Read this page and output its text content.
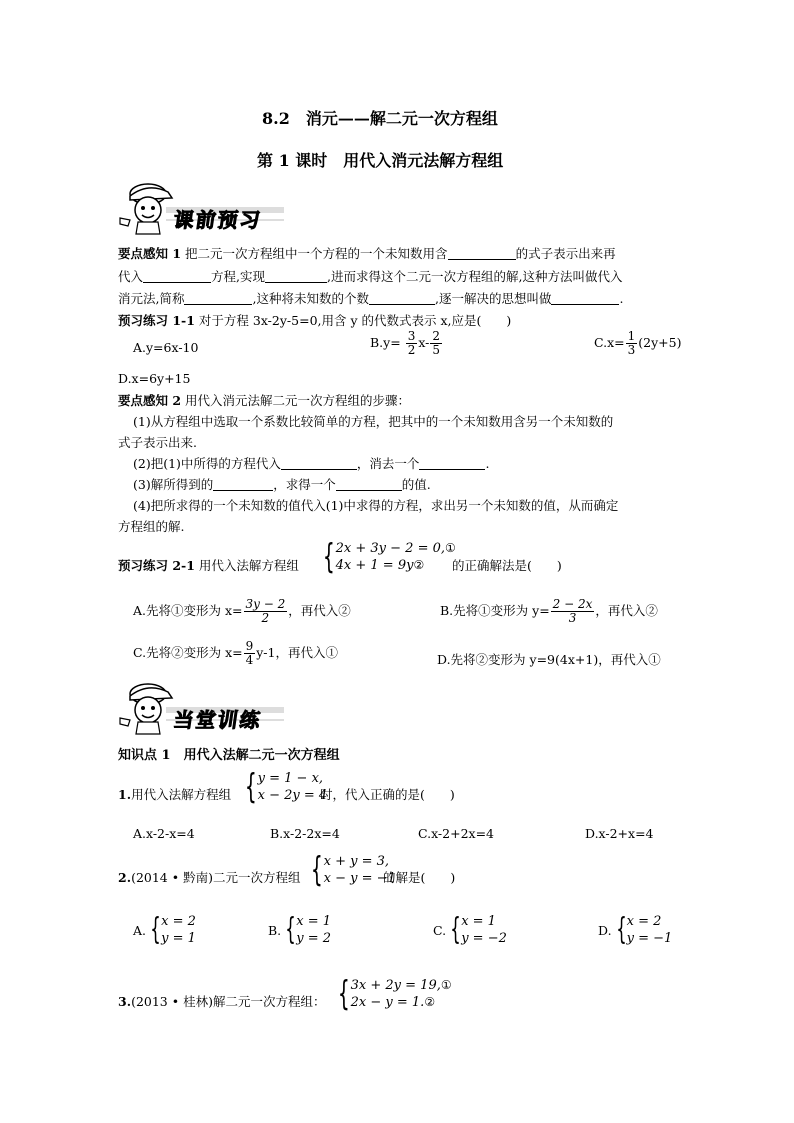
8.2　消元——解二元一次方程组
第 1 课时　用代入消元法解方程组
课前预习
要点感知 1 把二元一次方程组中一个方程的一个未知数用含	的式子表示出来再
代入	方程,实现	,进而求得这个二元一次方程组的解,这种方法叫做代入
消元法,简称	,这种将未知数的个数	,逐一解决的思想叫做	.
预习练习 1-1 对于方程 3x-2y-5=0,用含 y 的代数式表示 x,应是(　　)
A.y=6x-10	$B.y= \frac{3}{2} x- \frac{2}{5}$	$C.x= \frac{1}{3} (2y+5)$
D.x=6y+15
要点感知 2 用代入消元法解二元一次方程组的步骤：
(1)从方程组中选取一个系数比较简单的方程，把其中的一个未知数用含另一个未知数的
式子表示出来.
(2)把(1)中所得的方程代入	，消去一个	.
(3)解所得到的	，求得一个	的值.
(4)把所求得的一个未知数的值代入(1)中求得的方程，求出另一个未知数的值，从而确定
方程组的解.
预习练习 2-1 用代入法解方程组 { 2x + 3y − 2 = 0,①
4x + 1 = 9y②	的正确解法是(　　)
A.先将①变形为 $x= \frac{3y - 2}{2}$ ，再代入②	B.先将①变形为 $y= \frac{2 - 2x}{3}$ ，再代入②
C.先将②变形为 $x= \frac{9}{4} y-1$，再代入①	D.先将②变形为 y=9(4x+1)，再代入①
当堂训练
知识点 1　用代入法解二元一次方程组
1.用代入法解方程组 { y = 1 − x,
x − 2y = 4
时，代入正确的是(　　)
A.x-2-x=4	B.x-2-2x=4	C.x-2+2x=4	D.x-2+x=4
2.(2014 • 黔南)二元一次方程组 { x + y = 3,
x − y = −1
的解是(　　)
A. { x = 2
y = 1
B. { x = 1
y = 2
C. { x = 1
y = −2
D. { x = 2
y = −1
3.(2013 • 桂林)解二元一次方程组： { 3x + 2y = 19,①
2x − y = 1.②
